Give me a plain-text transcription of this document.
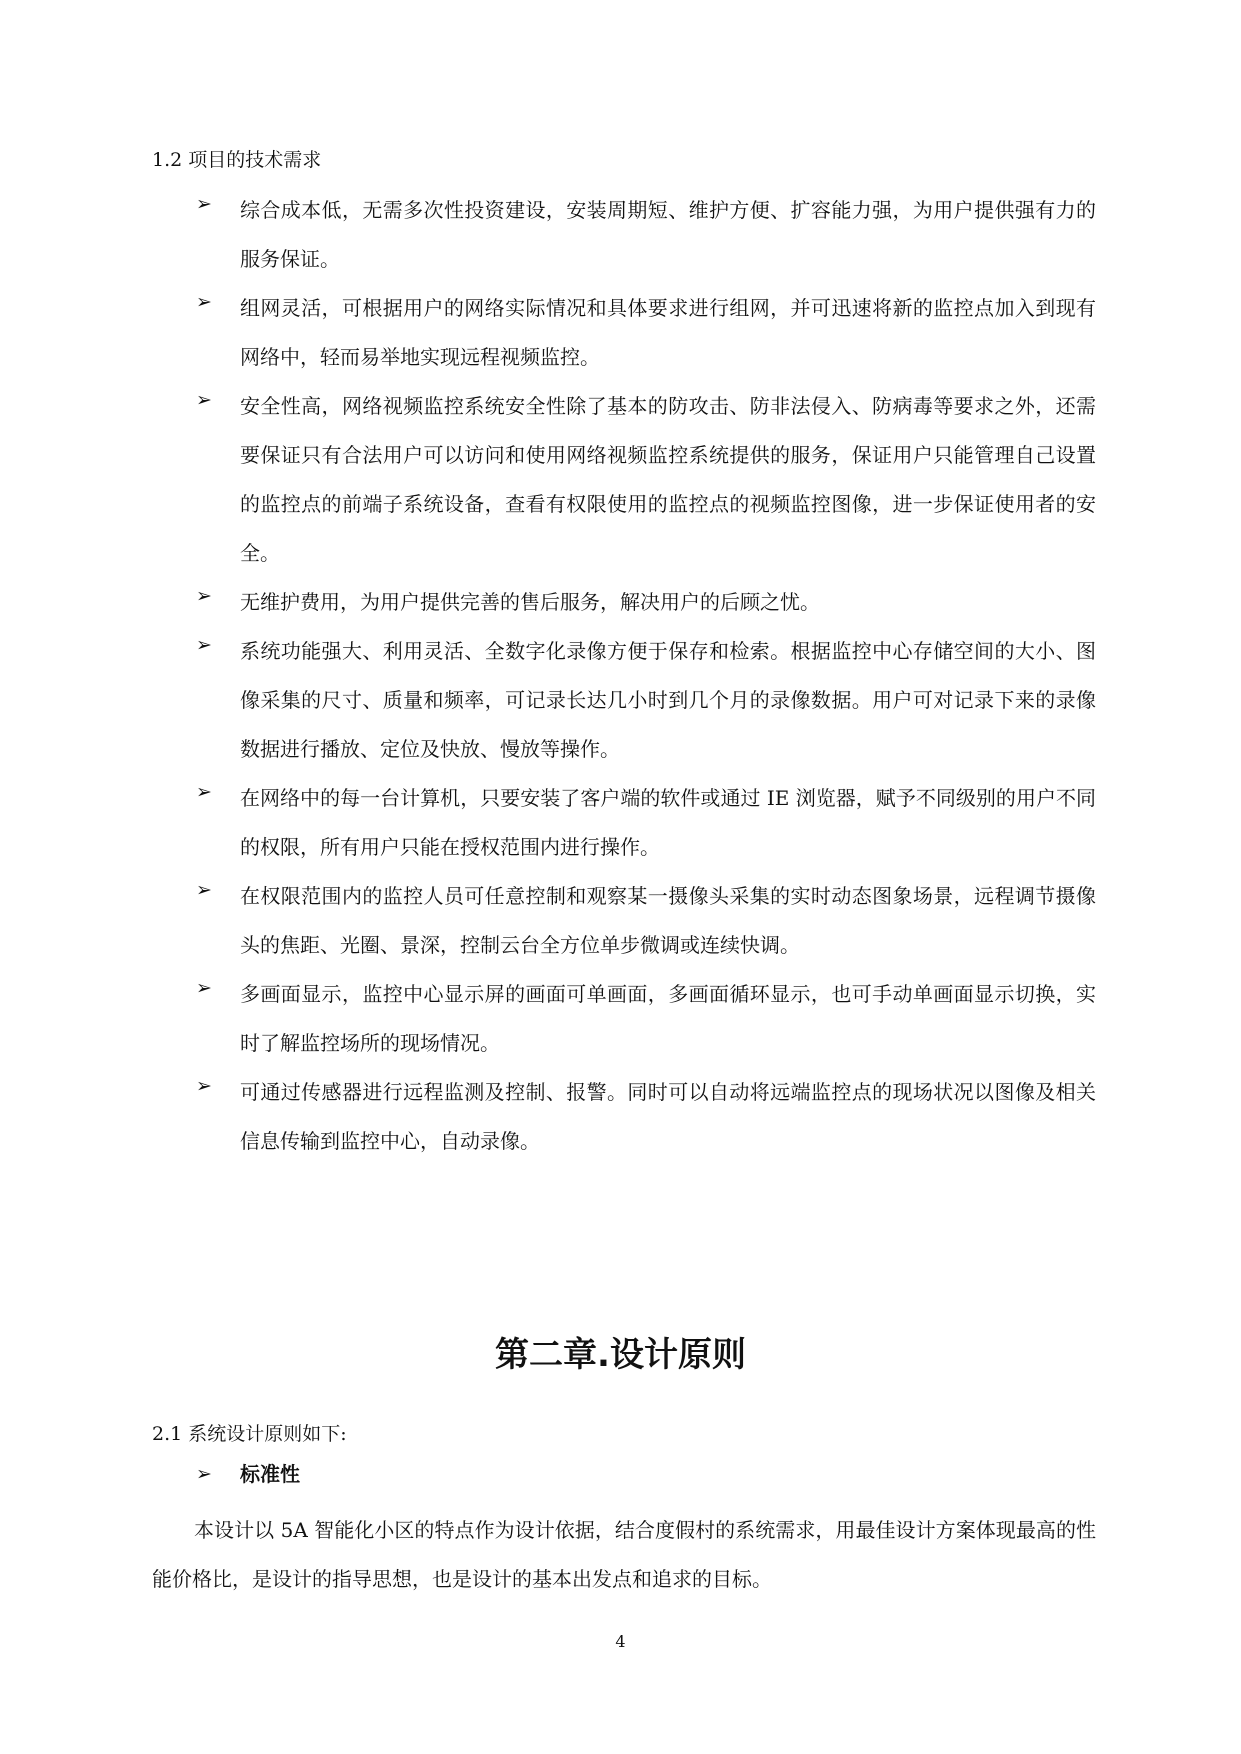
1.2 项目的技术需求
➢ 综合成本低，无需多次性投资建设，安装周期短、维护方便、扩容能力强，为用户提供强有力的服务保证。
➢ 组网灵活，可根据用户的网络实际情况和具体要求进行组网，并可迅速将新的监控点加入到现有网络中，轻而易举地实现远程视频监控。
➢ 安全性高，网络视频监控系统安全性除了基本的防攻击、防非法侵入、防病毒等要求之外，还需要保证只有合法用户可以访问和使用网络视频监控系统提供的服务，保证用户只能管理自己设置的监控点的前端子系统设备，查看有权限使用的监控点的视频监控图像，进一步保证使用者的安全。
➢ 无维护费用，为用户提供完善的售后服务，解决用户的后顾之忧。
➢ 系统功能强大、利用灵活、全数字化录像方便于保存和检索。根据监控中心存储空间的大小、图像采集的尺寸、质量和频率，可记录长达几小时到几个月的录像数据。用户可对记录下来的录像数据进行播放、定位及快放、慢放等操作。
➢ 在网络中的每一台计算机，只要安装了客户端的软件或通过 IE 浏览器，赋予不同级别的用户不同的权限，所有用户只能在授权范围内进行操作。
➢ 在权限范围内的监控人员可任意控制和观察某一摄像头采集的实时动态图象场景，远程调节摄像头的焦距、光圈、景深，控制云台全方位单步微调或连续快调。
➢ 多画面显示，监控中心显示屏的画面可单画面，多画面循环显示，也可手动单画面显示切换，实时了解监控场所的现场情况。
➢ 可通过传感器进行远程监测及控制、报警。同时可以自动将远端监控点的现场状况以图像及相关信息传输到监控中心，自动录像。
第二章.设计原则
2.1 系统设计原则如下:
➢ 标准性
本设计以 5A 智能化小区的特点作为设计依据，结合度假村的系统需求，用最佳设计方案体现最高的性能价格比，是设计的指导思想，也是设计的基本出发点和追求的目标。
4
